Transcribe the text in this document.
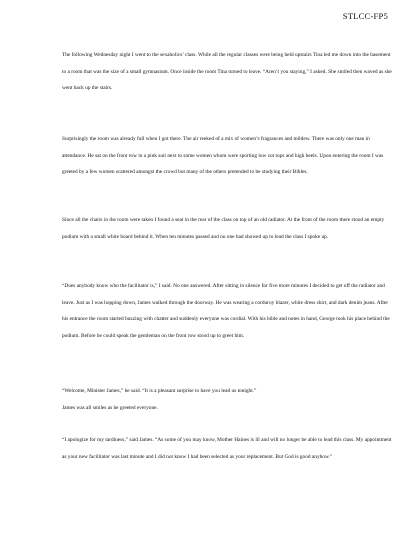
STLCC-FP5

The following Wednesday night I went to the sexaholics’ class. While all the regular classes were being held upstairs Tina led me down into the basement to a room that was the size of a small gymnasium. Once inside the room Tina turned to leave. “Aren’t you staying,” I asked. She smiled then waved as she went back up the stairs.

Surprisingly the room was already full when I got there. The air reeked of a mix of women’s fragrances and mildew. There was only one man in attendance. He sat on the front row in a pink suit next to some women whom were sporting low cut tops and high heels. Upon entering the room I was greeted by a few women scattered amongst the crowd but many of the others pretended to be studying their Bibles.

Since all the chairs in the room were taken I found a seat in the rear of the class on top of an old radiator. At the front of the room there stood an empty podium with a small white board behind it. When ten minutes passed and no one had showed up to lead the class I spoke up.

“Does anybody know who the facilitator is,” I said. No one answered. After sitting in silence for five more minutes I decided to get off the radiator and leave. Just as I was hopping down, James walked through the doorway. He was wearing a corduroy blazer, white dress shirt, and dark denim jeans. After his entrance the room started buzzing with chatter and suddenly everyone was cordial. With his bible and notes in hand, George took his place behind the podium. Before he could speak the gentleman on the front row stood up to greet him.

“Welcome, Minister James,” he said. “It is a pleasant surprise to have you lead us tonight.”

James was all smiles as he greeted everyone.

“I apologize for my tardiness,” said James. “As some of you may know, Mother Haines is ill and will no longer be able to lead this class. My appointment as your new facilitator was last minute and I did not know I had been selected as your replacement. But God is good anyhow.”
